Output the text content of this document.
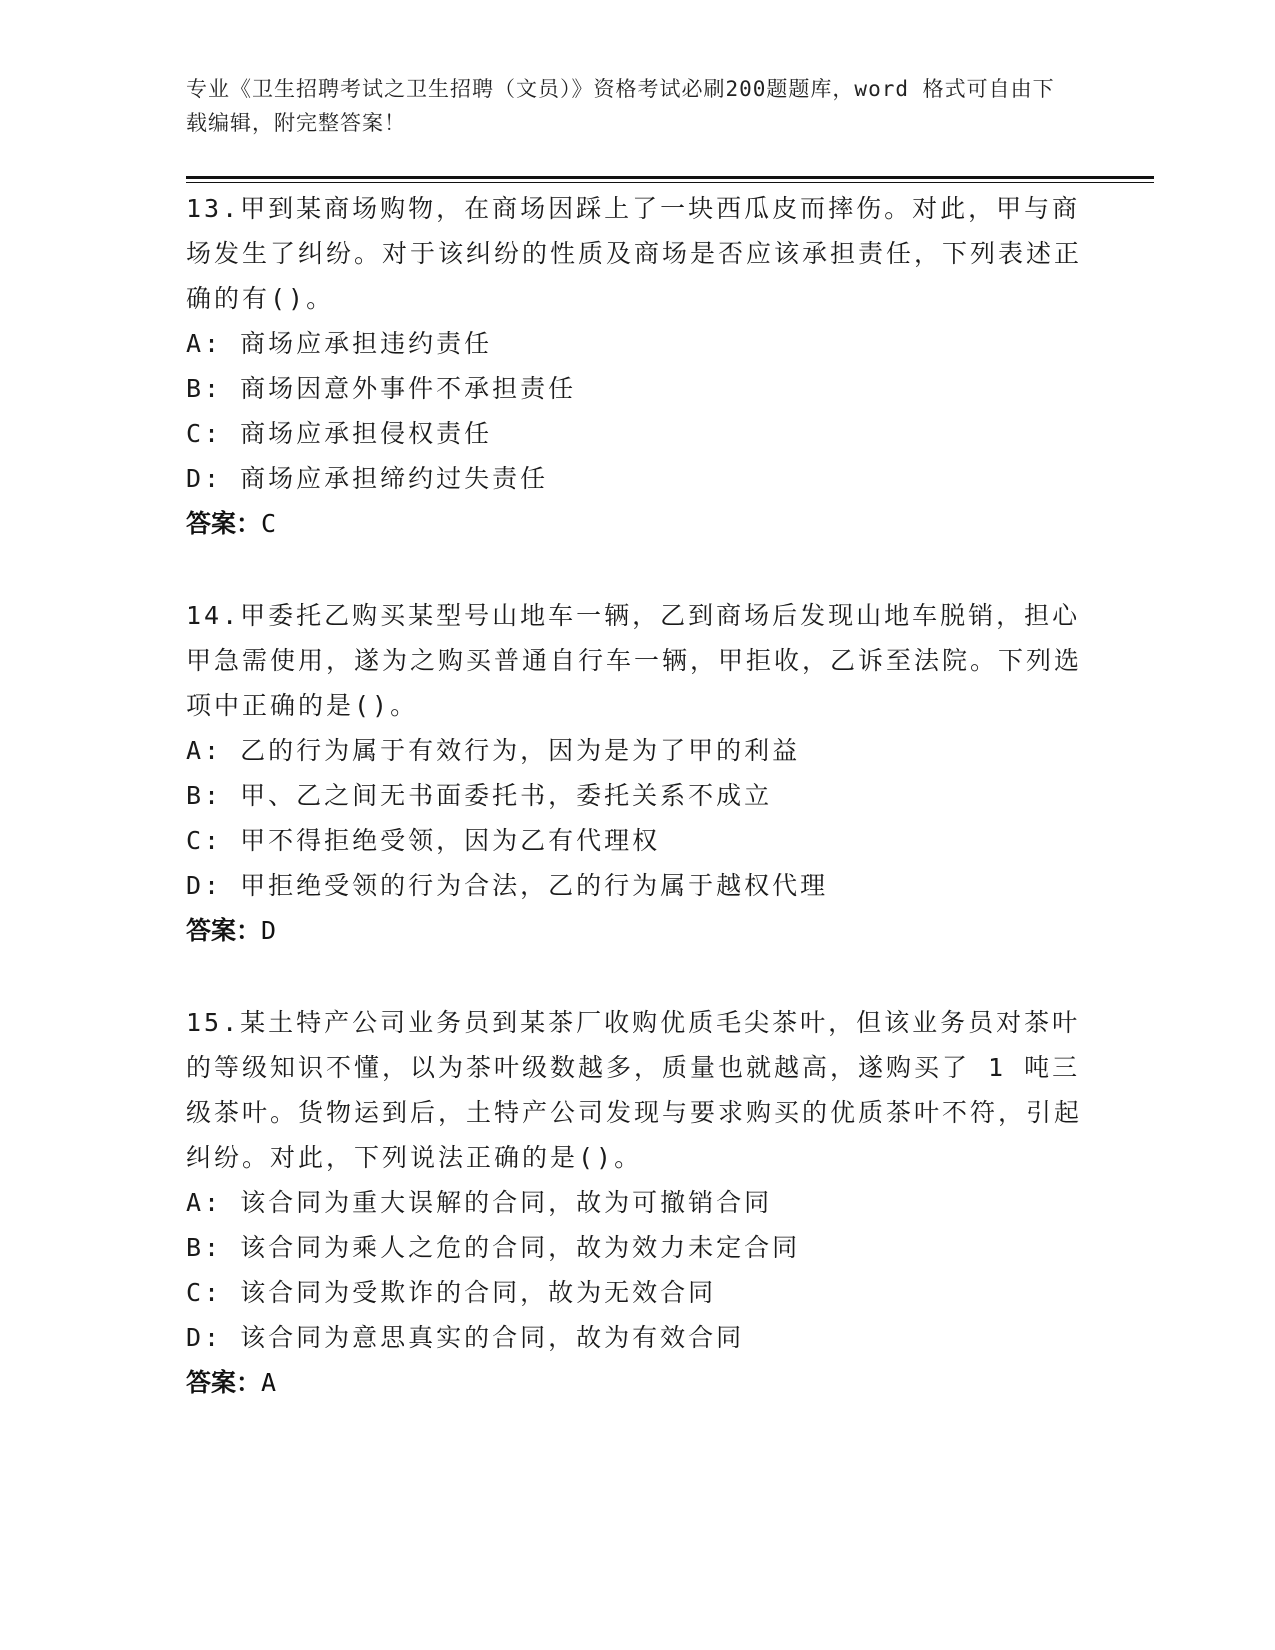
专业《卫生招聘考试之卫生招聘（文员）》资格考试必刷200题题库，word 格式可自由下载编辑，附完整答案！

13.甲到某商场购物，在商场因踩上了一块西瓜皮而摔伤。对此，甲与商场发生了纠纷。对于该纠纷的性质及商场是否应该承担责任，下列表述正确的有()。

A: 商场应承担违约责任

B: 商场因意外事件不承担责任

C: 商场应承担侵权责任

D: 商场应承担缔约过失责任

答案：C

14.甲委托乙购买某型号山地车一辆，乙到商场后发现山地车脱销，担心甲急需使用，遂为之购买普通自行车一辆，甲拒收，乙诉至法院。下列选项中正确的是()。

A: 乙的行为属于有效行为，因为是为了甲的利益

B: 甲、乙之间无书面委托书，委托关系不成立

C: 甲不得拒绝受领，因为乙有代理权

D: 甲拒绝受领的行为合法，乙的行为属于越权代理

答案：D

15.某土特产公司业务员到某茶厂收购优质毛尖茶叶，但该业务员对茶叶的等级知识不懂，以为茶叶级数越多，质量也就越高，遂购买了 1 吨三级茶叶。货物运到后，土特产公司发现与要求购买的优质茶叶不符，引起纠纷。对此，下列说法正确的是()。

A: 该合同为重大误解的合同，故为可撤销合同

B: 该合同为乘人之危的合同，故为效力未定合同

C: 该合同为受欺诈的合同，故为无效合同

D: 该合同为意思真实的合同，故为有效合同

答案：A
